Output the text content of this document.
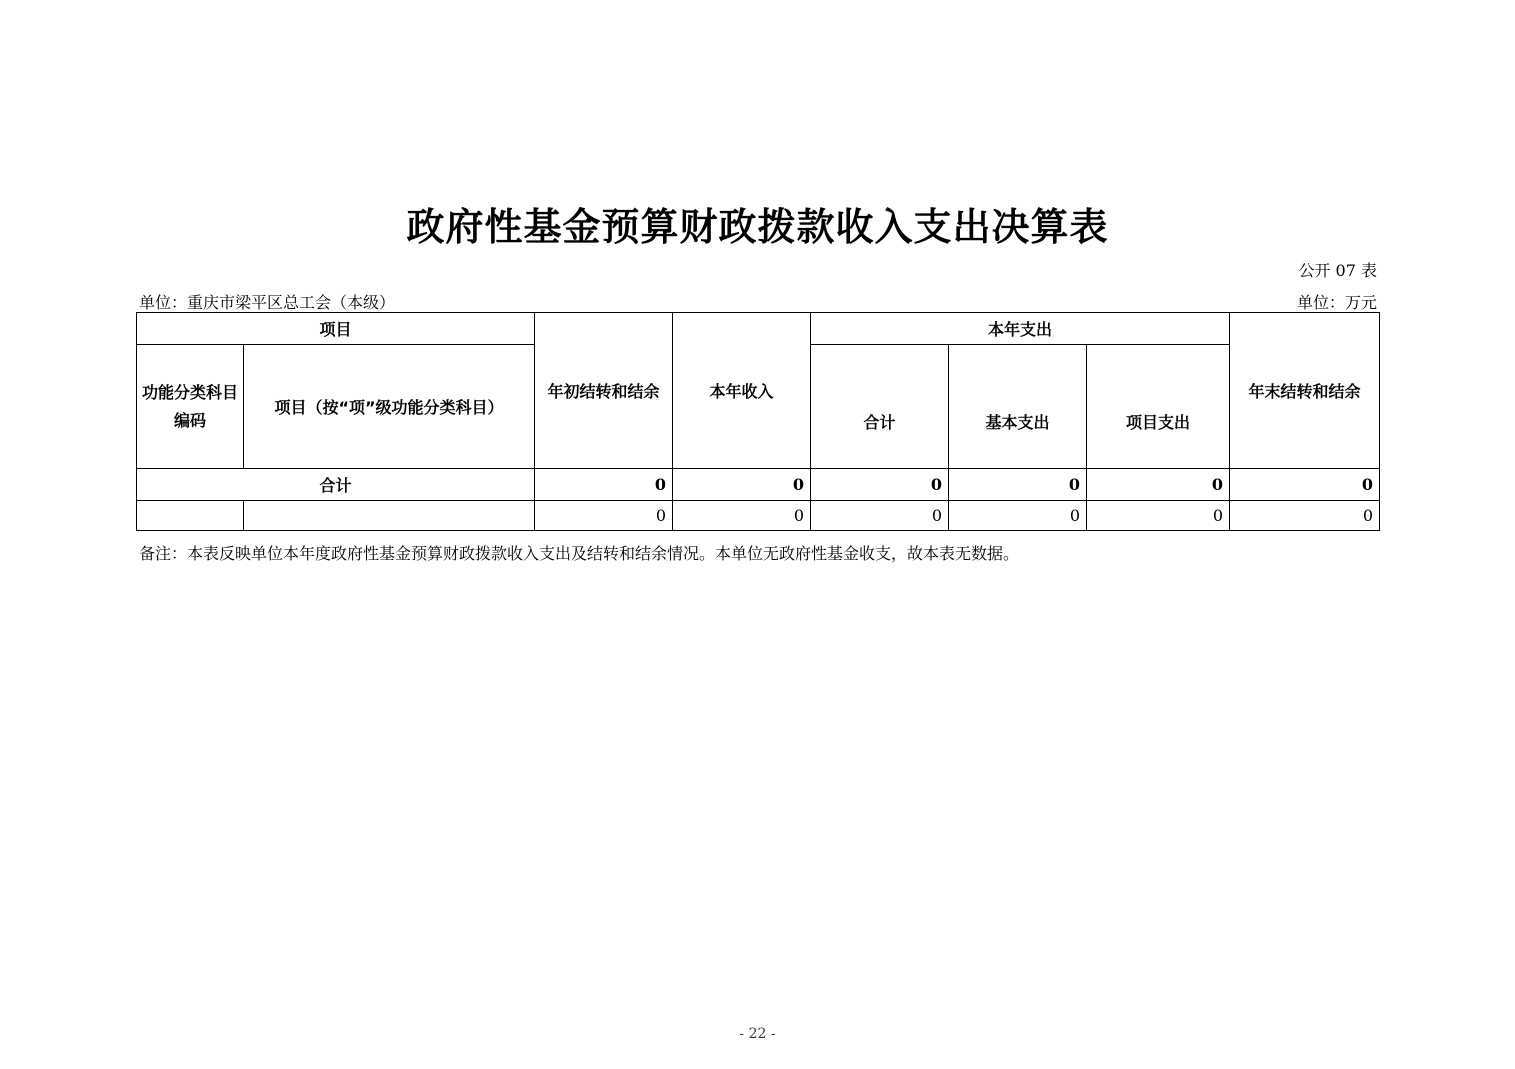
政府性基金预算财政拨款收入支出决算表
公开 07 表
单位：重庆市梁平区总工会（本级）	单位：万元
项目		年初结转和结余	本年收入	本年支出			年末结转和结余
功能分类科目编码	项目（按“项”级功能分类科目）			合计	基本支出	项目支出	
合计		0	0	0	0	0	0
		0	0	0	0	0	0
备注：本表反映单位本年度政府性基金预算财政拨款收入支出及结转和结余情况。本单位无政府性基金收支，故本表无数据。
- 22 -
